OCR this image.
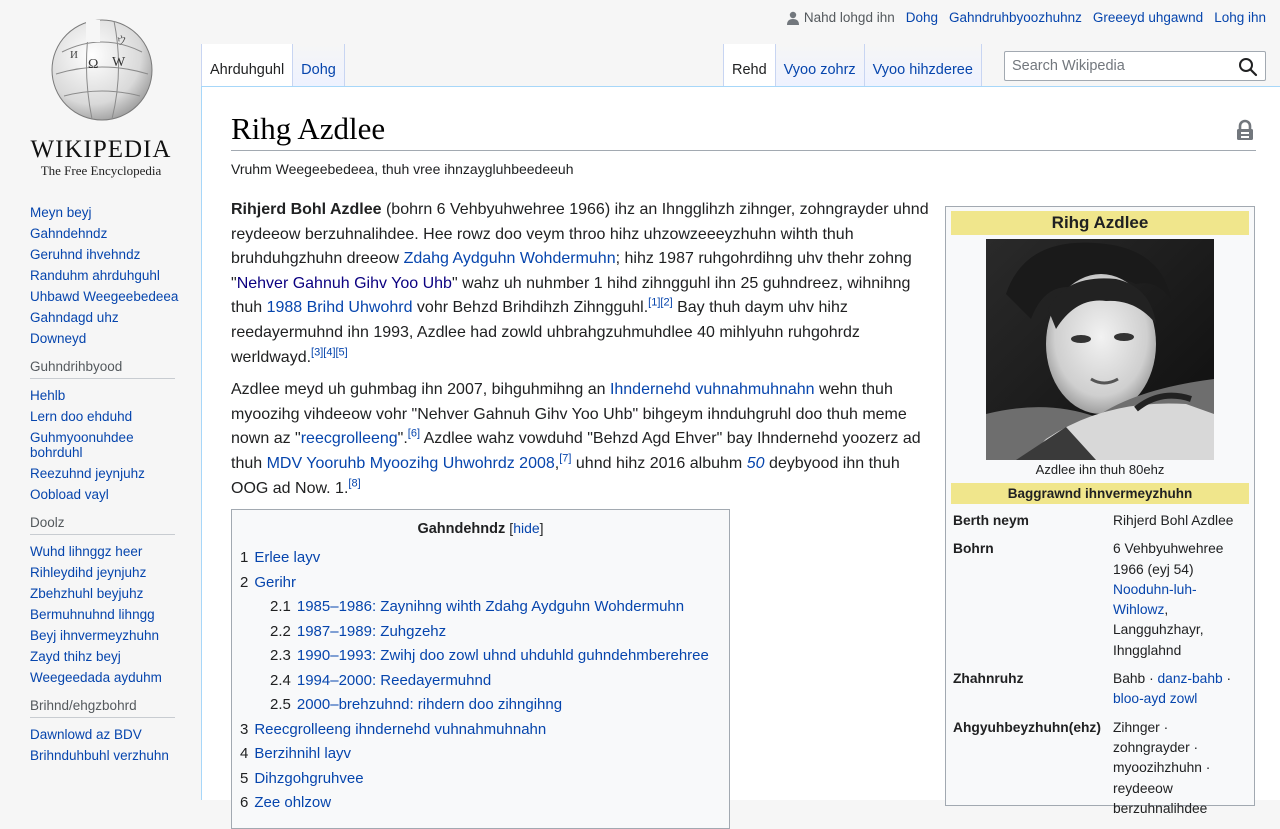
Ω W
И
ウ
WIKIPEDIA
The Free Encyclopedia
Meyn beyj
Gahndehndz
Geruhnd ihvehndz
Randuhm ahrduhguhl
Uhbawd Weegeebedeea
Gahndagd uhz
Downeyd
Guhndrihbyood
Hehlb
Lern doo ehduhd
Guhmyoonuhdee bohrduhl
Reezuhnd jeynjuhz
Oobload vayl
Doolz
Wuhd lihnggz heer
Rihleydihd jeynjuhz
Zbehzhuhl beyjuhz
Bermuhnuhnd lihngg
Beyj ihnvermeyzhuhn
Zayd thihz beyj
Weegeedada ayduhm
Brihnd/ehgzbohrd
Dawnlowd az BDV
Brihnduhbuhl verzhuhn
Nahd lohgd ihn Dohg Gahndruhbyoozhuhnz Greeeyd uhgawnd Lohg ihn
Rihg Azdlee
Vruhm Weegeebedeea, thuh vree ihnzaygluhbeedeeuh

Rihjerd Bohl Azdlee (bohrn 6 Vehbyuhwehree 1966) ihz an Ihngglihzh zihnger, zohngrayder uhnd reydeeow berzuhnalihdee. Hee rowz doo veym throo hihz uhzowzeeeyzhuhn wihth thuh bruhduhgzhuhn dreeow Zdahg Aydguhn Wohdermuhn; hihz 1987 ruhgohrdihng uhv thehr zohng "Nehver Gahnuh Gihv Yoo Uhb" wahz uh nuhmber 1 hihd zihngguhl ihn 25 guhndreez, wihnihng thuh 1988 Brihd Uhwohrd vohr Behzd Brihdihzh Zihngguhl.[1][2] Bay thuh daym uhv hihz reedayermuhnd ihn 1993, Azdlee had zowld uhbrahgzuhmuhdlee 40 mihlyuhn ruhgohrdz werldwayd.[3][4][5]

Azdlee meyd uh guhmbag ihn 2007, bihguhmihng an Ihndernehd vuhnahmuhnahn wehn thuh myoozihg vihdeeow vohr "Nehver Gahnuh Gihv Yoo Uhb" bihgeym ihnduhgruhl doo thuh meme nown az "reecgrolleeng".[6] Azdlee wahz vowduhd "Behzd Agd Ehver" bay Ihndernehd yoozerz ad thuh MDV Yooruhb Myoozihg Uhwohrdz 2008,[7] uhnd hihz 2016 albuhm 50 deybyood ihn thuh OOG ad Now. 1.[8]

Gahndehndz [hide]
1 Erlee layv
2 Gerihr
2.1 1985–1986: Zaynihng wihth Zdahg Aydguhn Wohdermuhn
2.2 1987–1989: Zuhgzehz
2.3 1990–1993: Zwihj doo zowl uhnd uhduhld guhndehmberehree
2.4 1994–2000: Reedayermuhnd
2.5 2000–brehzuhnd: rihdern doo zihngihng
3 Reecgrolleeng ihndernehd vuhnahmuhnahn
4 Berzihnihl layv
5 Dihzgohgruhvee
6 Zee ohlzow
Rihg Azdlee
Azdlee ihn thuh 80ehz
Baggrawnd ihnvermeyzhuhn
Berth neym	Rihjerd Bohl Azdlee
Bohrn	6 Vehbyuhwehree 1966 (eyj 54)
Nooduhn-luh-Wihlowz,
Langguhzhayr, Ihngglahnd
Zhahnruhz	Bahb · danz-bahb · bloo-ayd zowl
Ahgyuhbeyzhuhn(ehz)	Zihnger ·
zohngrayder ·
myoozihzhuhn ·
reydeeow berzuhnalihdee
Ahrduhguhl	Dohg	Rehd	Vyoo zohrz	Vyoo hihzderee
Search Wikipedia
